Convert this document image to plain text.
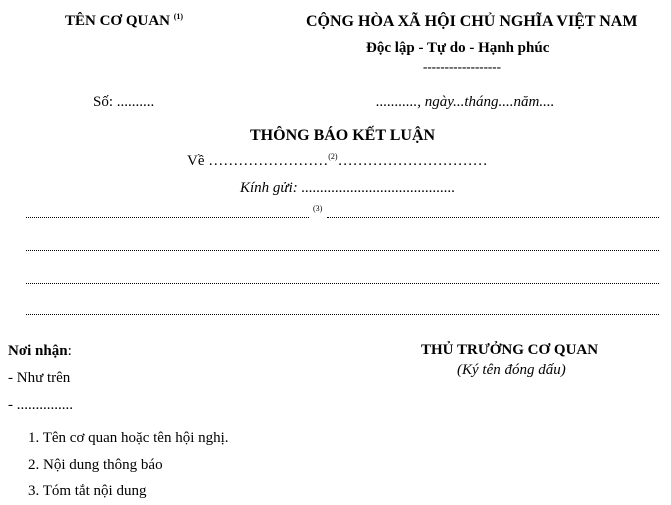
TÊN CƠ QUAN $^{(1)}$	CỘNG HÒA XÃ HỘI CHỦ NGHĨA VIỆT NAM
Độc lập - Tự do - Hạnh phúc
------------------
Số: ..........	..........., ngày...tháng....năm....
THÔNG BÁO KẾT LUẬN
Về ……………………$^{(2)}$…………………………
Kính gửi: .........................................
$^{(3)}$
Nơi nhận:
- Như trên
- ...............
THỦ TRƯỞNG CƠ QUAN
(Ký tên đóng dấu)
1. Tên cơ quan hoặc tên hội nghị.
2. Nội dung thông báo
3. Tóm tắt nội dung
